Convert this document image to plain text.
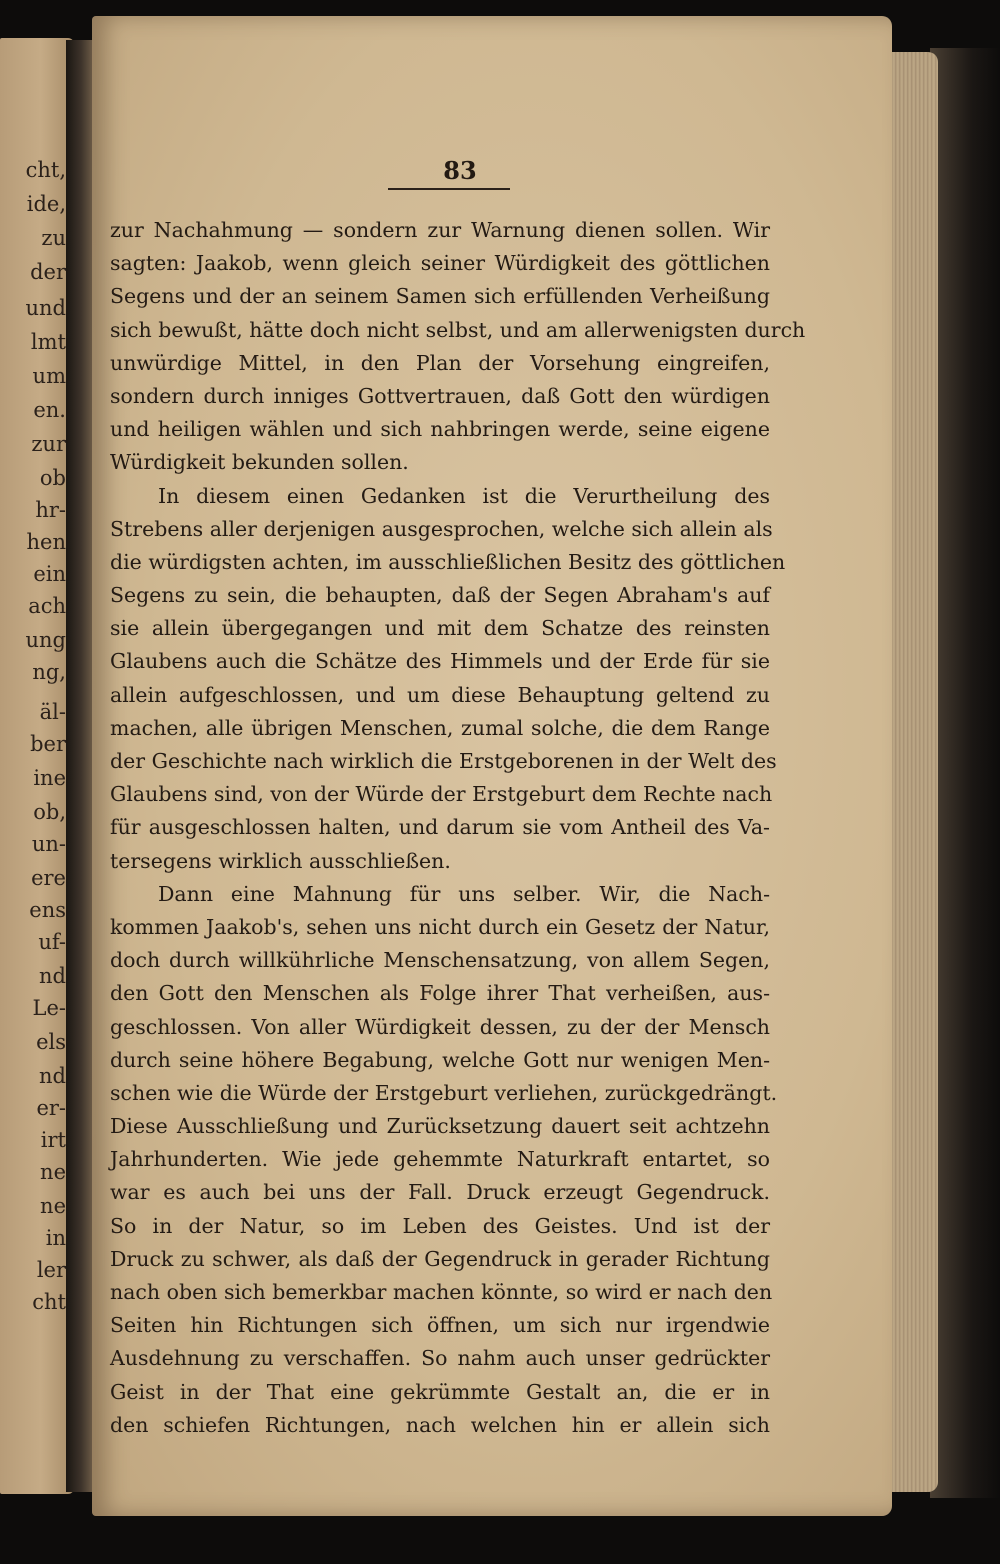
cht,
ide,
zu
der
und
lmt
um
en.
zur
ob
hr-
hen
ein
ach
ung
ng,
äl-
ber
ine
ob,
un-
ere
ens
uf-
nd
Le-
els
nd
er-
irt
ne
ne
in
ler
cht
83
zur Nachahmung — sondern zur Warnung dienen sollen. Wir
sagten: Jaakob, wenn gleich seiner Würdigkeit des göttlichen
Segens und der an seinem Samen sich erfüllenden Verheißung
sich bewußt, hätte doch nicht selbst, und am allerwenigsten durch
unwürdige Mittel, in den Plan der Vorsehung eingreifen,
sondern durch inniges Gottvertrauen, daß Gott den würdigen
und heiligen wählen und sich nahbringen werde, seine eigene
Würdigkeit bekunden sollen.
In diesem einen Gedanken ist die Verurtheilung des
Strebens aller derjenigen ausgesprochen, welche sich allein als
die würdigsten achten, im ausschließlichen Besitz des göttlichen
Segens zu sein, die behaupten, daß der Segen Abraham's auf
sie allein übergegangen und mit dem Schatze des reinsten
Glaubens auch die Schätze des Himmels und der Erde für sie
allein aufgeschlossen, und um diese Behauptung geltend zu
machen, alle übrigen Menschen, zumal solche, die dem Range
der Geschichte nach wirklich die Erstgeborenen in der Welt des
Glaubens sind, von der Würde der Erstgeburt dem Rechte nach
für ausgeschlossen halten, und darum sie vom Antheil des Va-
tersegens wirklich ausschließen.
Dann eine Mahnung für uns selber. Wir, die Nach-
kommen Jaakob's, sehen uns nicht durch ein Gesetz der Natur,
doch durch willkührliche Menschensatzung, von allem Segen,
den Gott den Menschen als Folge ihrer That verheißen, aus-
geschlossen. Von aller Würdigkeit dessen, zu der der Mensch
durch seine höhere Begabung, welche Gott nur wenigen Men-
schen wie die Würde der Erstgeburt verliehen, zurückgedrängt.
Diese Ausschließung und Zurücksetzung dauert seit achtzehn
Jahrhunderten. Wie jede gehemmte Naturkraft entartet, so
war es auch bei uns der Fall. Druck erzeugt Gegendruck.
So in der Natur, so im Leben des Geistes. Und ist der
Druck zu schwer, als daß der Gegendruck in gerader Richtung
nach oben sich bemerkbar machen könnte, so wird er nach den
Seiten hin Richtungen sich öffnen, um sich nur irgendwie
Ausdehnung zu verschaffen. So nahm auch unser gedrückter
Geist in der That eine gekrümmte Gestalt an, die er in
den schiefen Richtungen, nach welchen hin er allein sich
